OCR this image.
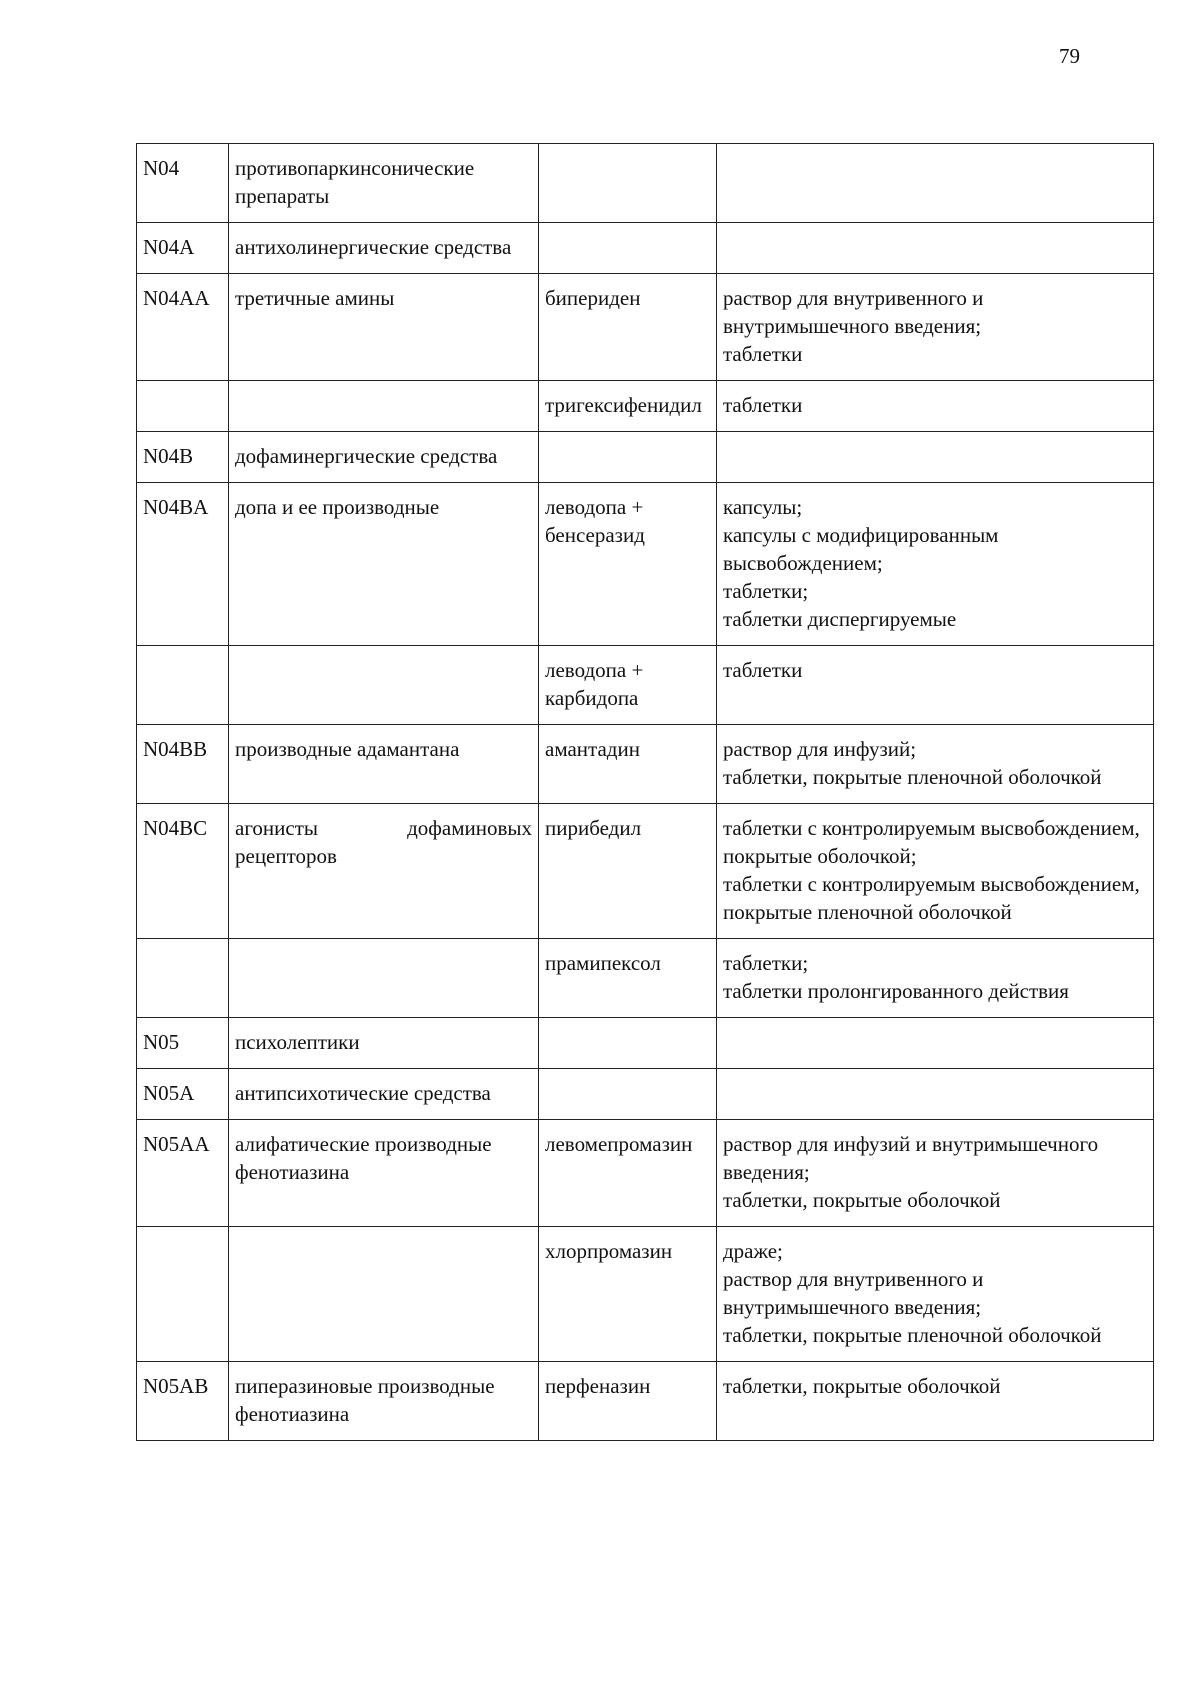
79
N04	противопаркинсонические препараты		
N04A	антихолинергические средства		
N04AA	третичные амины	бипериден	раствор для внутривенного и внутримышечного введения;
таблетки

		тригексифенидил	таблетки

N04B	дофаминергические средства		
N04BA	допа и ее производные	леводопа + бенсеразид	капсулы;
капсулы с модифицированным высвобождением;
таблетки;
таблетки диспергируемые

		леводопа + карбидопа	таблетки

N04BB	производные адамантана	амантадин	раствор для инфузий;
таблетки, покрытые пленочной оболочкой

N04BC	агонисты дофаминовых рецепторов	пирибедил	таблетки с контролируемым высвобождением, покрытые оболочкой;
таблетки с контролируемым высвобождением, покрытые пленочной оболочкой

		прамипексол	таблетки;
таблетки пролонгированного действия

N05	психолептики		
N05A	антипсихотические средства		
N05AA	алифатические производные фенотиазина	левомепромазин	раствор для инфузий и внутримышечного введения;
таблетки, покрытые оболочкой

		хлорпромазин	драже;
раствор для внутривенного и внутримышечного введения;
таблетки, покрытые пленочной оболочкой

N05AB	пиперазиновые производные фенотиазина	перфеназин	таблетки, покрытые оболочкой
